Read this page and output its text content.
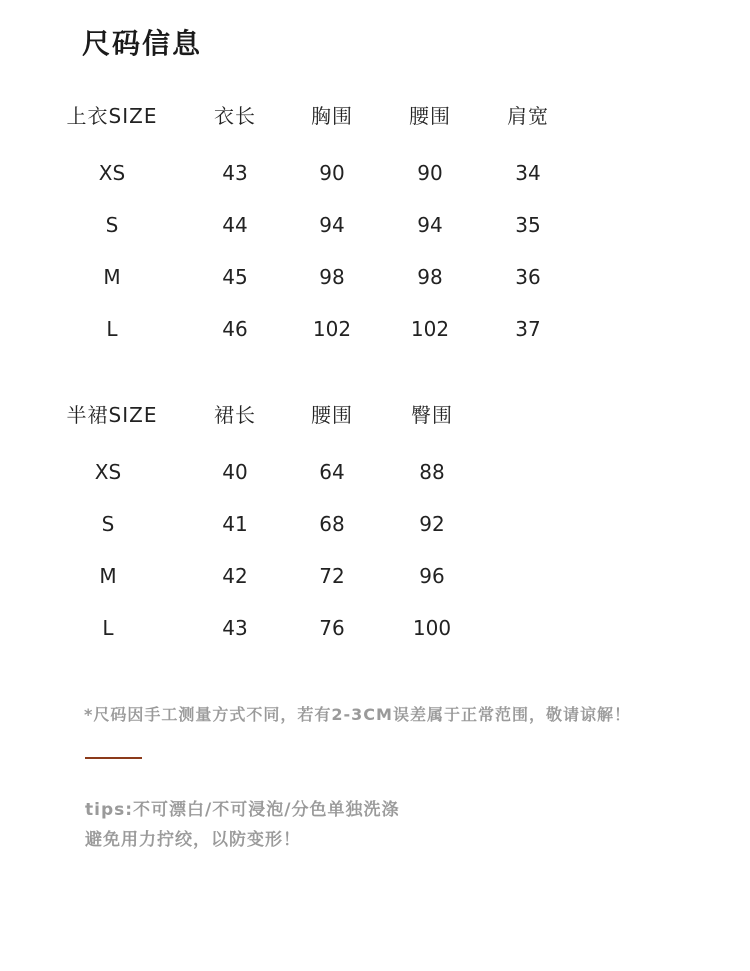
尺码信息
上衣SIZE	衣长	胸围	腰围	肩宽
XS	43	90	90	34
S	44	94	94	35
M	45	98	98	36
L	46	102	102	37
半裙SIZE	裙长	腰围	臀围
XS	40	64	88
S	41	68	92
M	42	72	96
L	43	76	100
*尺码因手工测量方式不同，若有2-3CM误差属于正常范围，敬请谅解！
tips:不可漂白/不可浸泡/分色单独洗涤
避免用力拧绞，以防变形！
